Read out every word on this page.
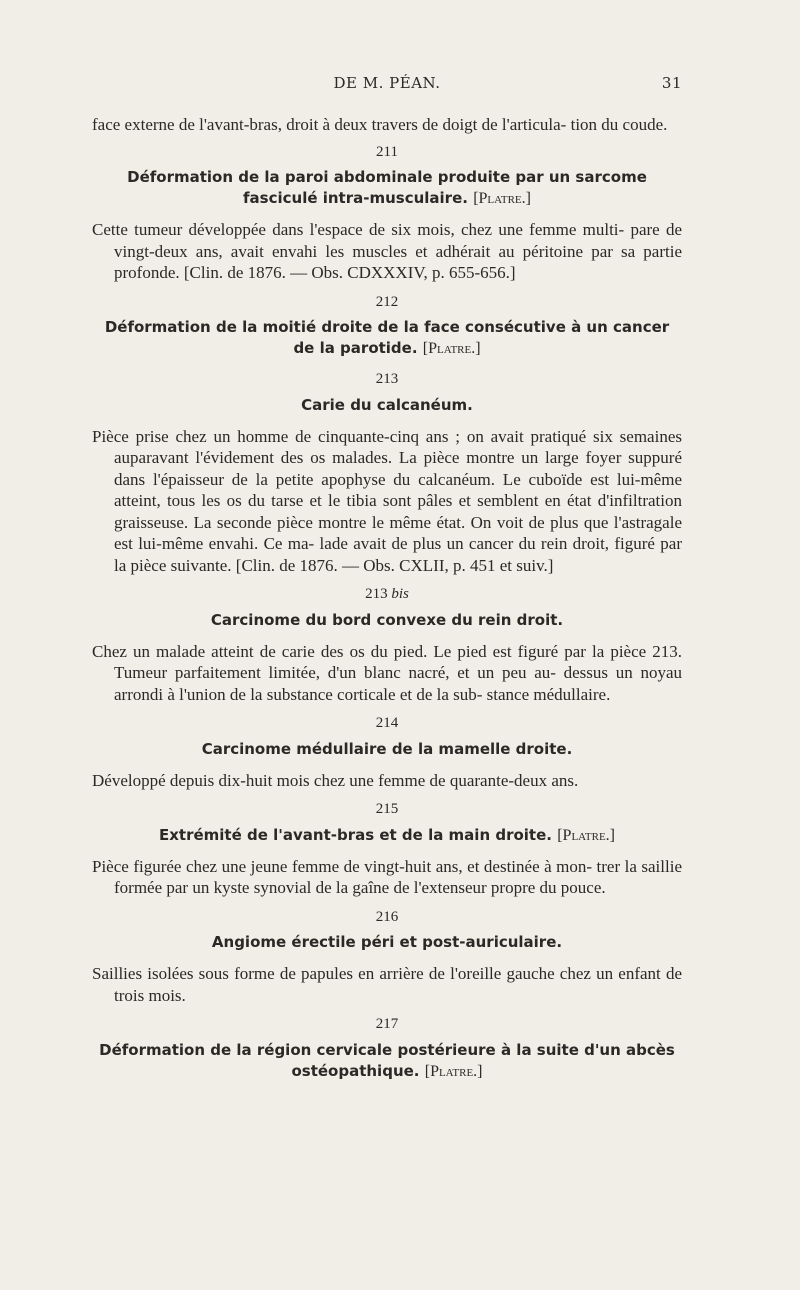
DE M. PÉAN.	31

face externe de l'avant-bras, droit à deux travers de doigt de l'articula- tion du coude.

211
Déformation de la paroi abdominale produite par un sarcome fasciculé intra-musculaire. [Platre.]

Cette tumeur développée dans l'espace de six mois, chez une femme multi- pare de vingt-deux ans, avait envahi les muscles et adhérait au péritoine par sa partie profonde. [Clin. de 1876. — Obs. CDXXXIV, p. 655-656.]

212
Déformation de la moitié droite de la face consécutive à un cancer de la parotide. [Platre.]
213
Carie du calcanéum.

Pièce prise chez un homme de cinquante-cinq ans ; on avait pratiqué six semaines auparavant l'évidement des os malades. La pièce montre un large foyer suppuré dans l'épaisseur de la petite apophyse du calcanéum. Le cuboïde est lui-même atteint, tous les os du tarse et le tibia sont pâles et semblent en état d'infiltration graisseuse. La seconde pièce montre le même état. On voit de plus que l'astragale est lui-même envahi. Ce ma- lade avait de plus un cancer du rein droit, figuré par la pièce suivante. [Clin. de 1876. — Obs. CXLII, p. 451 et suiv.]

213 bis
Carcinome du bord convexe du rein droit.

Chez un malade atteint de carie des os du pied. Le pied est figuré par la pièce 213. Tumeur parfaitement limitée, d'un blanc nacré, et un peu au- dessus un noyau arrondi à l'union de la substance corticale et de la sub- stance médullaire.

214
Carcinome médullaire de la mamelle droite.

Développé depuis dix-huit mois chez une femme de quarante-deux ans.

215
Extrémité de l'avant-bras et de la main droite. [Platre.]

Pièce figurée chez une jeune femme de vingt-huit ans, et destinée à mon- trer la saillie formée par un kyste synovial de la gaîne de l'extenseur propre du pouce.

216
Angiome érectile péri et post-auriculaire.

Saillies isolées sous forme de papules en arrière de l'oreille gauche chez un enfant de trois mois.

217
Déformation de la région cervicale postérieure à la suite d'un abcès ostéopathique. [Platre.]
